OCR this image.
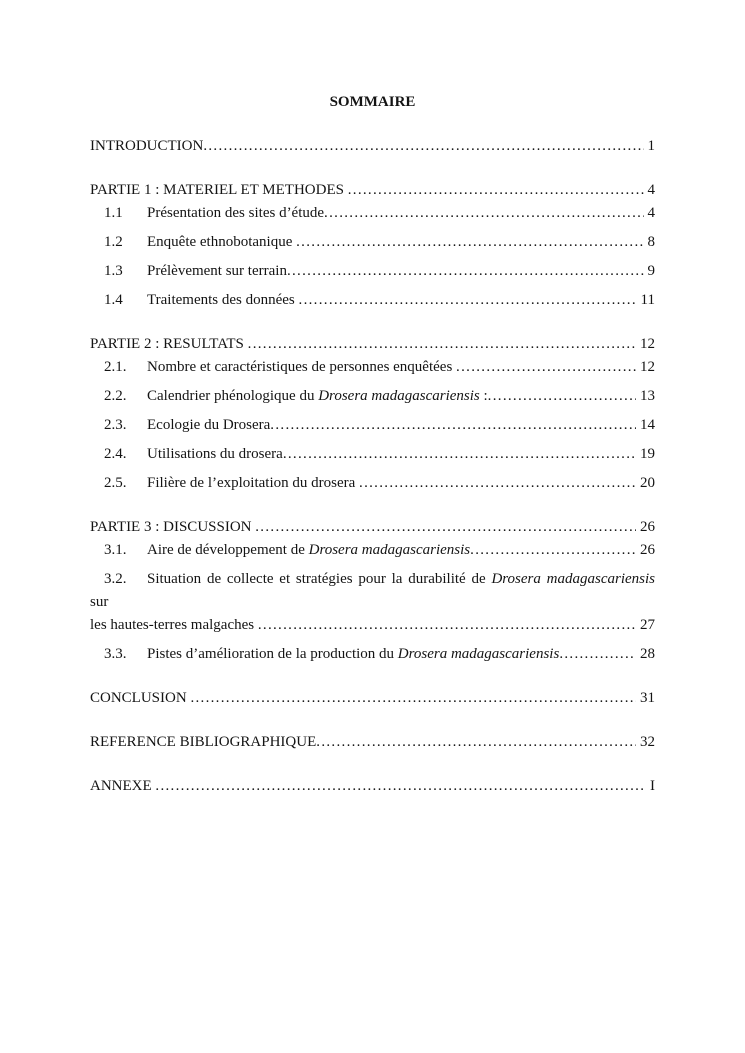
SOMMAIRE
INTRODUCTION .....	1
PARTIE 1 : MATERIEL ET METHODES .....	4
1.1	Présentation des sites d’étude .....	4
1.2	Enquête ethnobotanique .....	8
1.3	Prélèvement sur terrain .....	9
1.4	Traitements des données .....	11
PARTIE 2 : RESULTATS .....	12
2.1.	Nombre et caractéristiques de personnes enquêtées .....	12
2.2.	Calendrier phénologique du Drosera madagascariensis : .....	13
2.3.	Ecologie du Drosera .....	14
2.4.	Utilisations du drosera .....	19
2.5.	Filière de l’exploitation du drosera .....	20
PARTIE 3 : DISCUSSION .....	26
3.1.	Aire de développement de Drosera madagascariensis .....	26
3.2. Situation de collecte et stratégies pour la durabilité de Drosera madagascariensis sur
les hautes-terres malgaches .....	27
3.3.	Pistes d’amélioration de la production du Drosera madagascariensis .....	28
CONCLUSION .....	31
REFERENCE BIBLIOGRAPHIQUE .....	32
ANNEXE .....	I
